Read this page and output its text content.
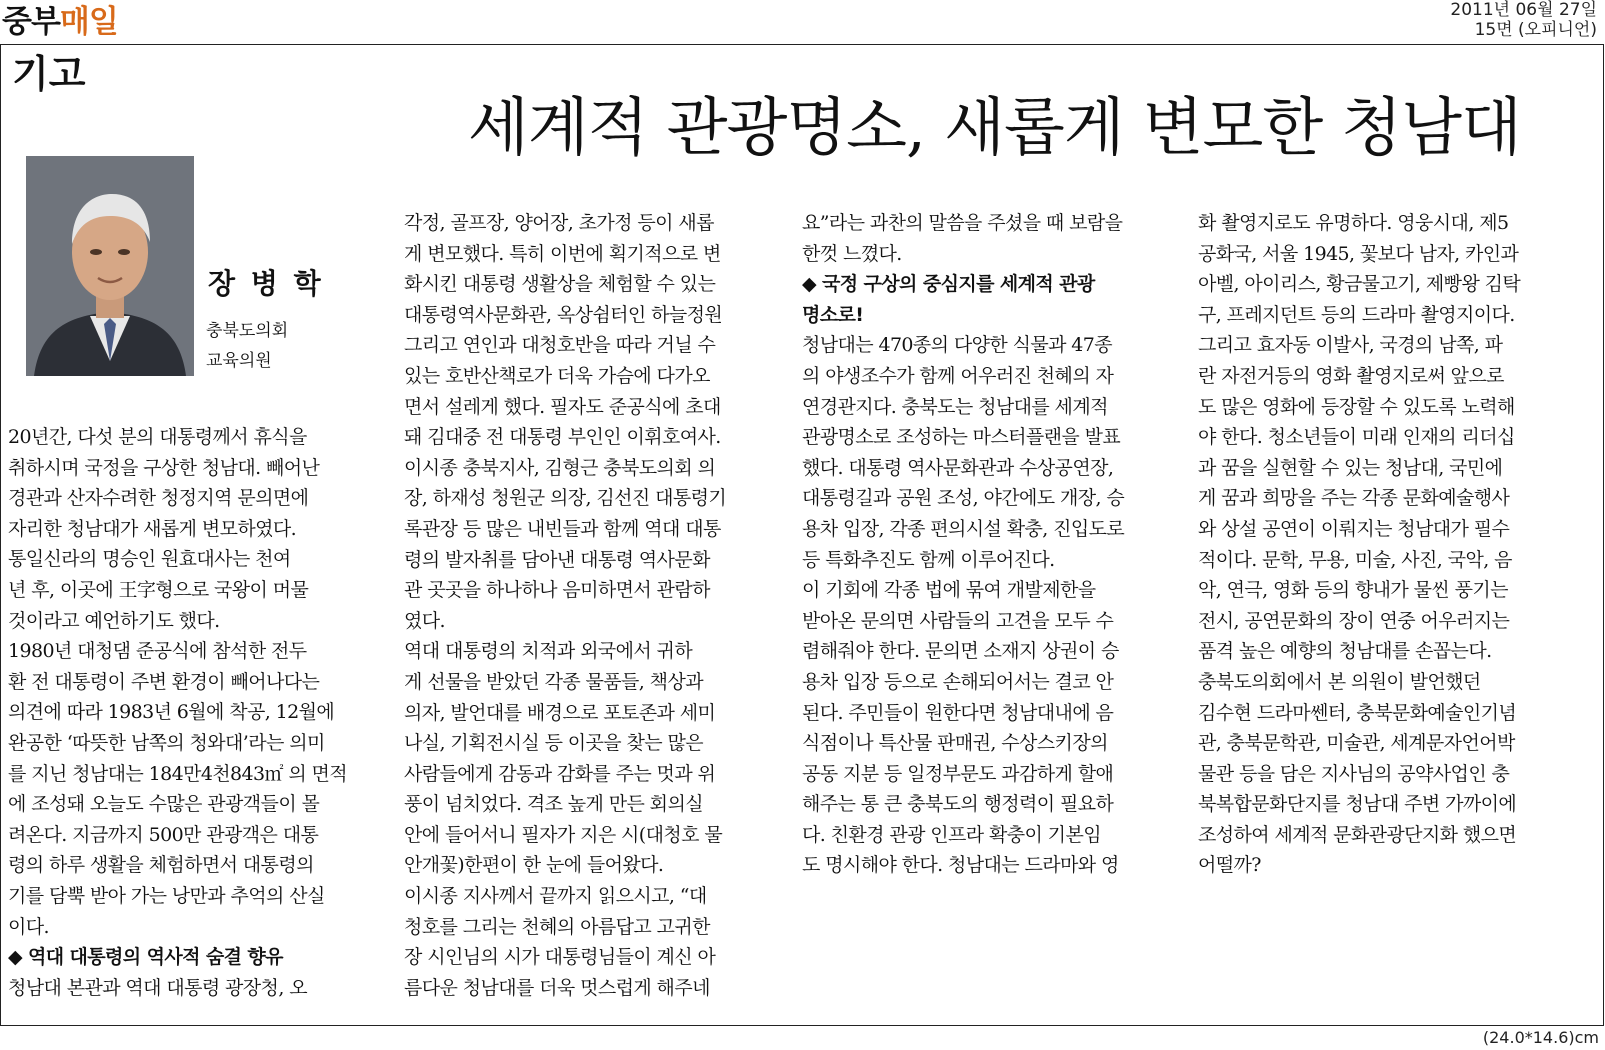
중부매일	2011년 06월 27일
15면 (오피니언)
기고
세계적 관광명소, 새롭게 변모한 청남대
장 병 학
충북도의회
교육의원
20년간, 다섯 분의 대통령께서 휴식을
취하시며 국정을 구상한 청남대. 빼어난
경관과 산자수려한 청정지역 문의면에
자리한 청남대가 새롭게 변모하였다.
통일신라의 명승인 원효대사는 천여
년 후, 이곳에 王字형으로 국왕이 머물
것이라고 예언하기도 했다.
1980년 대청댐 준공식에 참석한 전두
환 전 대통령이 주변 환경이 빼어나다는
의견에 따라 1983년 6월에 착공, 12월에
완공한 ‘따뜻한 남쪽의 청와대’라는 의미
를 지닌 청남대는 184만4천843㎡ 의 면적
에 조성돼 오늘도 수많은 관광객들이 몰
려온다. 지금까지 500만 관광객은 대통
령의 하루 생활을 체험하면서 대통령의
기를 담뿍 받아 가는 낭만과 추억의 산실
이다.
◆ 역대 대통령의 역사적 숨결 향유
청남대 본관과 역대 대통령 광장청, 오
각정, 골프장, 양어장, 초가정 등이 새롭
게 변모했다. 특히 이번에 획기적으로 변
화시킨 대통령 생활상을 체험할 수 있는
대통령역사문화관, 옥상쉼터인 하늘정원
그리고 연인과 대청호반을 따라 거닐 수
있는 호반산책로가 더욱 가슴에 다가오
면서 설레게 했다. 필자도 준공식에 초대
돼 김대중 전 대통령 부인인 이휘호여사.
이시종 충북지사, 김형근 충북도의회 의
장, 하재성 청원군 의장, 김선진 대통령기
록관장 등 많은 내빈들과 함께 역대 대통
령의 발자취를 담아낸 대통령 역사문화
관 곳곳을 하나하나 음미하면서 관람하
였다.
역대 대통령의 치적과 외국에서 귀하
게 선물을 받았던 각종 물품들, 책상과
의자, 발언대를 배경으로 포토존과 세미
나실, 기획전시실 등 이곳을 찾는 많은
사람들에게 감동과 감화를 주는 멋과 위
풍이 넘치었다. 격조 높게 만든 회의실
안에 들어서니 필자가 지은 시(대청호 물
안개꽃)한편이 한 눈에 들어왔다.
이시종 지사께서 끝까지 읽으시고, “대
청호를 그리는 천혜의 아름답고 고귀한
장 시인님의 시가 대통령님들이 계신 아
름다운 청남대를 더욱 멋스럽게 해주네
요”라는 과찬의 말씀을 주셨을 때 보람을
한껏 느꼈다.
◆ 국정 구상의 중심지를 세계적 관광
명소로!
청남대는 470종의 다양한 식물과 47종
의 야생조수가 함께 어우러진 천혜의 자
연경관지다. 충북도는 청남대를 세계적
관광명소로 조성하는 마스터플랜을 발표
했다. 대통령 역사문화관과 수상공연장,
대통령길과 공원 조성, 야간에도 개장, 승
용차 입장, 각종 편의시설 확충, 진입도로
등 특화추진도 함께 이루어진다.
이 기회에 각종 법에 묶여 개발제한을
받아온 문의면 사람들의 고견을 모두 수
렴해줘야 한다. 문의면 소재지 상권이 승
용차 입장 등으로 손해되어서는 결코 안
된다. 주민들이 원한다면 청남대내에 음
식점이나 특산물 판매권, 수상스키장의
공동 지분 등 일정부문도 과감하게 할애
해주는 통 큰 충북도의 행정력이 필요하
다. 친환경 관광 인프라 확충이 기본임
도 명시해야 한다. 청남대는 드라마와 영
화 촬영지로도 유명하다. 영웅시대, 제5
공화국, 서울 1945, 꽃보다 남자, 카인과
아벨, 아이리스, 황금물고기, 제빵왕 김탁
구, 프레지던트 등의 드라마 촬영지이다.
그리고 효자동 이발사, 국경의 남쪽, 파
란 자전거등의 영화 촬영지로써 앞으로
도 많은 영화에 등장할 수 있도록 노력해
야 한다. 청소년들이 미래 인재의 리더십
과 꿈을 실현할 수 있는 청남대, 국민에
게 꿈과 희망을 주는 각종 문화예술행사
와 상설 공연이 이뤄지는 청남대가 필수
적이다. 문학, 무용, 미술, 사진, 국악, 음
악, 연극, 영화 등의 향내가 물씬 풍기는
전시, 공연문화의 장이 연중 어우러지는
품격 높은 예향의 청남대를 손꼽는다.
충북도의회에서 본 의원이 발언했던
김수현 드라마쎈터, 충북문화예술인기념
관, 충북문학관, 미술관, 세계문자언어박
물관 등을 담은 지사님의 공약사업인 충
북복합문화단지를 청남대 주변 가까이에
조성하여 세계적 문화관광단지화 했으면
어떨까?
(24.0*14.6)cm
